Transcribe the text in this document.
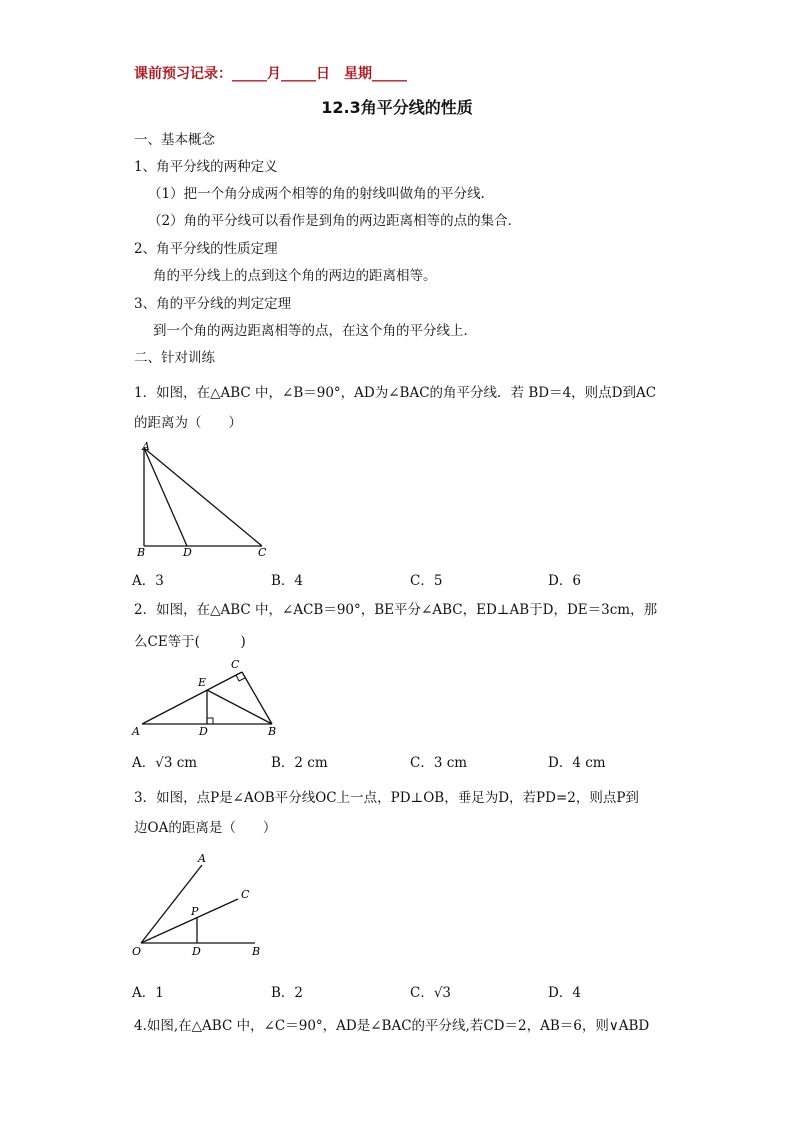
课前预习记录：_____月_____日　星期_____
12.3角平分线的性质
一、基本概念
1、角平分线的两种定义
（1）把一个角分成两个相等的角的射线叫做角的平分线．
（2）角的平分线可以看作是到角的两边距离相等的点的集合．
2、角平分线的性质定理
角的平分线上的点到这个角的两边的距离相等。
3、角的平分线的判定定理
到一个角的两边距离相等的点，在这个角的平分线上．
二、针对训练
1．如图，在△ABC 中，∠B＝90°，AD为∠BAC的角平分线．若 BD＝4，则点D到AC
的距离为（　　）
A
B	D	C
A．3	B．4	C．5	D．6
2．如图，在△ABC 中，∠ACB＝90°，BE平分∠ABC，ED⊥AB于D，DE＝3cm，那
么CE等于(　　　)
A	B
C
D
E
A．√3 cm	B．2 cm	C．3 cm	D．4 cm
3．如图，点P是∠AOB平分线OC上一点，PD⊥OB，垂足为D，若PD=2，则点P到
边OA的距离是（　　）
A
C
P
O	D	B
A．1	B．2	C．√3	D．4
4.如图,在△ABC 中，∠C＝90°，AD是∠BAC的平分线,若CD＝2，AB＝6，则∨ABD
